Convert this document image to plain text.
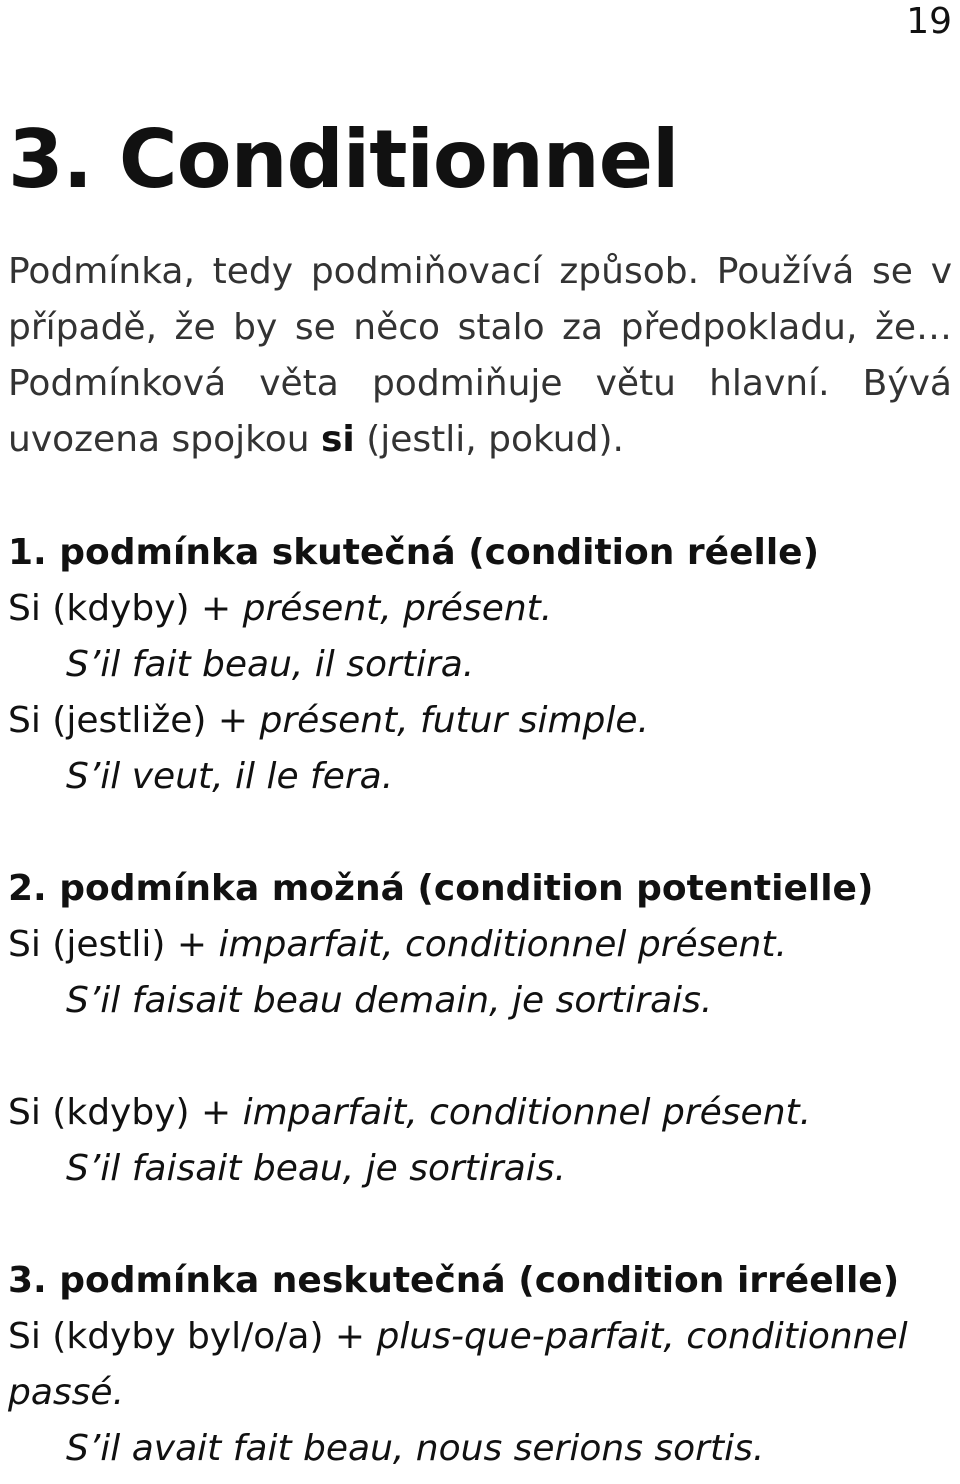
19
3. Conditionnel
Podmínka, tedy podmiňovací způsob. Používá se v případě, že by se něco stalo za předpokladu, že… Podmínková věta podmiňuje větu hlavní. Bývá uvozena spojkou si (jestli, pokud).
1. podmínka skutečná (condition réelle)
Si (kdyby) + présent, présent.
S’il fait beau, il sortira.
Si (jestliže) + présent, futur simple.
S’il veut, il le fera.
2. podmínka možná (condition potentielle)
Si (jestli) + imparfait, conditionnel présent.
S’il faisait beau demain, je sortirais.
Si (kdyby) + imparfait, conditionnel présent.
S’il faisait beau, je sortirais.
3. podmínka neskutečná (condition irréelle)
Si (kdyby byl/o/a) + plus-que-parfait, conditionnel
passé.
S’il avait fait beau, nous serions sortis.
